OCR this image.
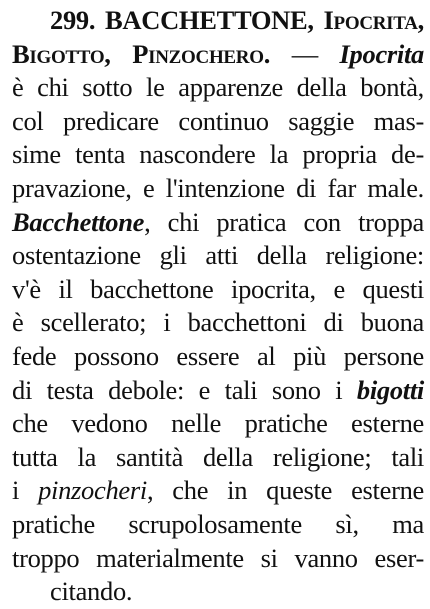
299. BACCHETTONE, Ipocrita,
Bigotto, Pinzochero. — Ipocrita
è chi sotto le apparenze della bontà,
col predicare continuo saggie mas-
sime tenta nascondere la propria de-
pravazione, e l'intenzione di far male.
Bacchettone, chi pratica con troppa
ostentazione gli atti della religione:
v'è il bacchettone ipocrita, e questi
è scellerato; i bacchettoni di buona
fede possono essere al più persone
di testa debole: e tali sono i bigotti
che vedono nelle pratiche esterne
tutta la santità della religione; tali
i pinzocheri, che in queste esterne
pratiche scrupolosamente sì, ma
troppo materialmente si vanno eser-
citando.
